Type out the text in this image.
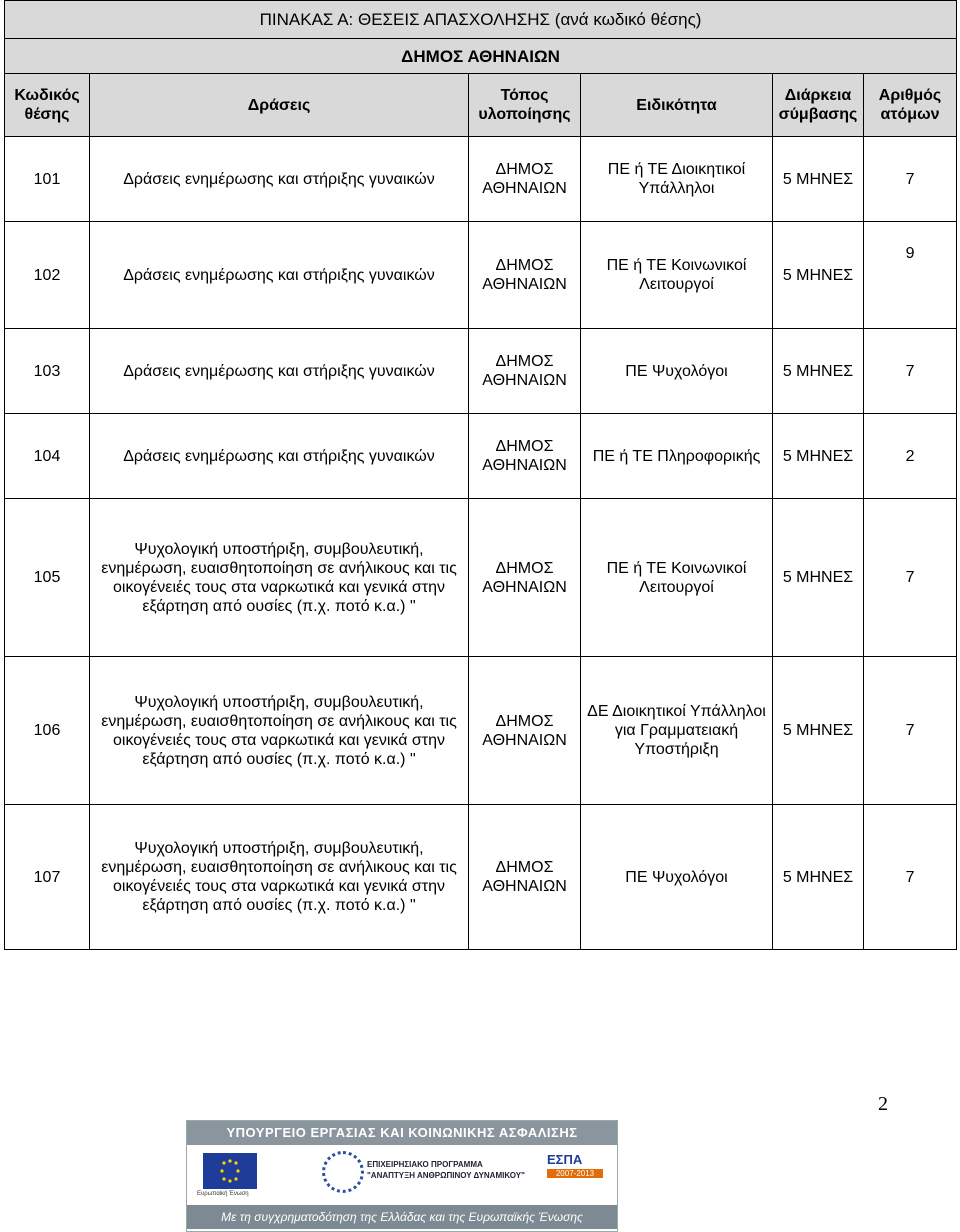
ΠΙΝΑΚΑΣ Α: ΘΕΣΕΙΣ ΑΠΑΣΧΟΛΗΣΗΣ (ανά κωδικό θέσης)					
ΔΗΜΟΣ ΑΘΗΝΑΙΩΝ					
Κωδικός θέσης	Δράσεις	Τόπος υλοποίησης	Ειδικότητα	Διάρκεια σύμβασης	Αριθμός ατόμων
101	Δράσεις ενημέρωσης και στήριξης γυναικών	ΔΗΜΟΣ ΑΘΗΝΑΙΩΝ	ΠΕ ή ΤΕ Διοικητικοί Υπάλληλοι	5 ΜΗΝΕΣ	7
102	Δράσεις ενημέρωσης και στήριξης γυναικών	ΔΗΜΟΣ ΑΘΗΝΑΙΩΝ	ΠΕ ή ΤΕ Κοινωνικοί Λειτουργοί	5 ΜΗΝΕΣ	9
103	Δράσεις ενημέρωσης και στήριξης γυναικών	ΔΗΜΟΣ ΑΘΗΝΑΙΩΝ	ΠΕ Ψυχολόγοι	5 ΜΗΝΕΣ	7
104	Δράσεις ενημέρωσης και στήριξης γυναικών	ΔΗΜΟΣ ΑΘΗΝΑΙΩΝ	ΠΕ ή ΤΕ Πληροφορικής	5 ΜΗΝΕΣ	2
105	Ψυχολογική υποστήριξη, συμβουλευτική, ενημέρωση, ευαισθητοποίηση σε ανήλικους και τις οικογένειές τους στα ναρκωτικά και γενικά στην εξάρτηση από ουσίες (π.χ. ποτό κ.α.) "	ΔΗΜΟΣ ΑΘΗΝΑΙΩΝ	ΠΕ ή ΤΕ Κοινωνικοί Λειτουργοί	5 ΜΗΝΕΣ	7
106	Ψυχολογική υποστήριξη, συμβουλευτική, ενημέρωση, ευαισθητοποίηση σε ανήλικους και τις οικογένειές τους στα ναρκωτικά και γενικά στην εξάρτηση από ουσίες (π.χ. ποτό κ.α.) "	ΔΗΜΟΣ ΑΘΗΝΑΙΩΝ	ΔΕ Διοικητικοί Υπάλληλοι για Γραμματειακή Υποστήριξη	5 ΜΗΝΕΣ	7
107	Ψυχολογική υποστήριξη, συμβουλευτική, ενημέρωση, ευαισθητοποίηση σε ανήλικους και τις οικογένειές τους στα ναρκωτικά και γενικά στην εξάρτηση από ουσίες (π.χ. ποτό κ.α.) "	ΔΗΜΟΣ ΑΘΗΝΑΙΩΝ	ΠΕ Ψυχολόγοι	5 ΜΗΝΕΣ	7
2
ΥΠΟΥΡΓΕΙΟ ΕΡΓΑΣΙΑΣ ΚΑΙ ΚΟΙΝΩΝΙΚΗΣ ΑΣΦΑΛΙΣΗΣ
Ευρωπαϊκή Ένωση
ΕΠΙΧΕΙΡΗΣΙΑΚΟ ΠΡΟΓΡΑΜΜΑ
"ΑΝΑΠΤΥΞΗ ΑΝΘΡΩΠΙΝΟΥ ΔΥΝΑΜΙΚΟΥ"
ΕΣΠΑ
2007-2013
Με τη συγχρηματοδότηση της Ελλάδας και της Ευρωπαϊκής Ένωσης
